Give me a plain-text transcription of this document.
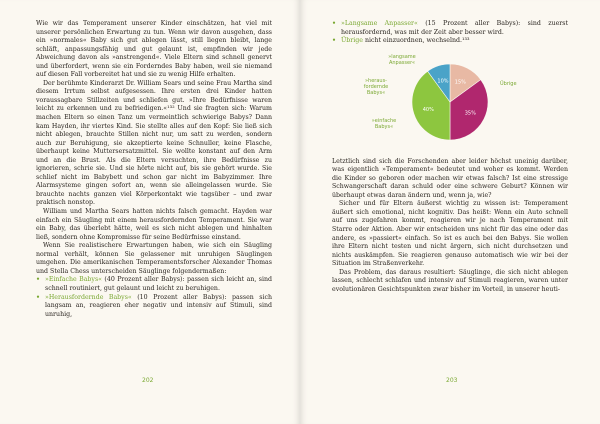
Wie wir das Temperament unserer Kinder einschätzen, hat viel mit unserer persönlichen Erwartung zu tun. Wenn wir davon ausgehen, dass ein »normales« Baby sich gut ablegen lässt, still liegen bleibt, lange schläft, anpassungsfähig und gut gelaunt ist, empfinden wir jede Abweichung davon als »anstrengend«. Viele Eltern sind schnell genervt und überfordert, wenn sie ein Forderndes Baby haben, weil sie niemand auf diesen Fall vorbereitet hat und sie zu wenig Hilfe erhalten.

Der berühmte Kinderarzt Dr. William Sears und seine Frau Martha sind diesem Irrtum selbst aufgesessen. Ihre ersten drei Kinder hatten voraussagbare Stillzeiten und schliefen gut. »Ihre Bedürfnisse waren leicht zu erkennen und zu befriedigen.«¹³² Und sie fragten sich: Warum machen Eltern so einen Tanz um vermeintlich schwierige Babys? Dann kam Hayden, ihr viertes Kind. Sie stellte alles auf den Kopf: Sie ließ sich nicht ablegen, brauchte Stillen nicht nur, um satt zu werden, sondern auch zur Beruhigung, sie akzeptierte keine Schnuller, keine Flasche, überhaupt keine Muttersersatzmittel. Sie wollte konstant auf den Arm und an die Brust. Als die Eltern versuchten, ihre Bedürfnisse zu ignorieren, schrie sie. Und sie hörte nicht auf, bis sie gehört wurde. Sie schlief nicht im Babybett und schon gar nicht im Babyzimmer. Ihre Alarmsysteme gingen sofort an, wenn sie alleingelassen wurde. Sie brauchte nachts ganzen viel Körperkontakt wie tagsüber – und zwar praktisch nonstop.

William und Martha Sears hatten nichts falsch gemacht. Hayden war einfach ein Säugling mit einem herausfordernden Temperament. Sie war ein Baby, das überlebt hätte, weil es sich nicht ablegen und hinhalten ließ, sondern ohne Kompromisse für seine Bedürfnisse einstand.

Wenn Sie realistischere Erwartungen haben, wie sich ein Säugling normal verhält, können Sie gelassener mit unruhigen Säuglingen umgehen. Die amerikanischen Temperamentsforscher Alexander Thomas und Stella Chess unterscheiden Säuglinge folgendermaßen:

• »Einfache Babys« (40 Prozent aller Babys): passen sich leicht an, sind schnell routiniert, gut gelaunt und leicht zu beruhigen.
• »Herausfordernde Babys« (10 Prozent aller Babys): passen sich langsam an, reagieren eher negativ und intensiv auf Stimuli, sind unruhig,
202
• »Langsame Anpasser« (15 Prozent aller Babys): sind zuerst herausfordernd, was mit der Zeit aber besser wird.
• Übrige nicht einzuordnen, wechselnd.¹³³
15%
»langsame Anpasser«
35%
Übrige
40%
»einfache Babys«
10%
»heraus-fordernde Babys«

Letztlich sind sich die Forschenden aber leider höchst uneinig darüber, was eigentlich »Temperament« bedeutet und woher es kommt. Werden die Kinder so geboren oder machen wir etwas falsch? Ist eine stressige Schwangerschaft daran schuld oder eine schwere Geburt? Können wir überhaupt etwas daran ändern und, wenn ja, wie?

Sicher und für Eltern äußerst wichtig zu wissen ist: Temperament äußert sich emotional, nicht kognitiv. Das heißt: Wenn ein Auto schnell auf uns zugefahren kommt, reagieren wir je nach Temperament mit Starre oder Aktion. Aber wir entscheiden uns nicht für das eine oder das andere, es »passiert« einfach. So ist es auch bei den Babys. Sie wollen ihre Eltern nicht testen und nicht ärgern, sich nicht durchsetzen und nichts auskämpfen. Sie reagieren genauso automatisch wie wir bei der Situation im Straßenverkehr.

Das Problem, das daraus resultiert: Säuglinge, die sich nicht ablegen lassen, schlecht schlafen und intensiv auf Stimuli reagieren, waren unter evolutionären Gesichtspunkten zwar bisher im Vorteil, in unserer heuti-

203
